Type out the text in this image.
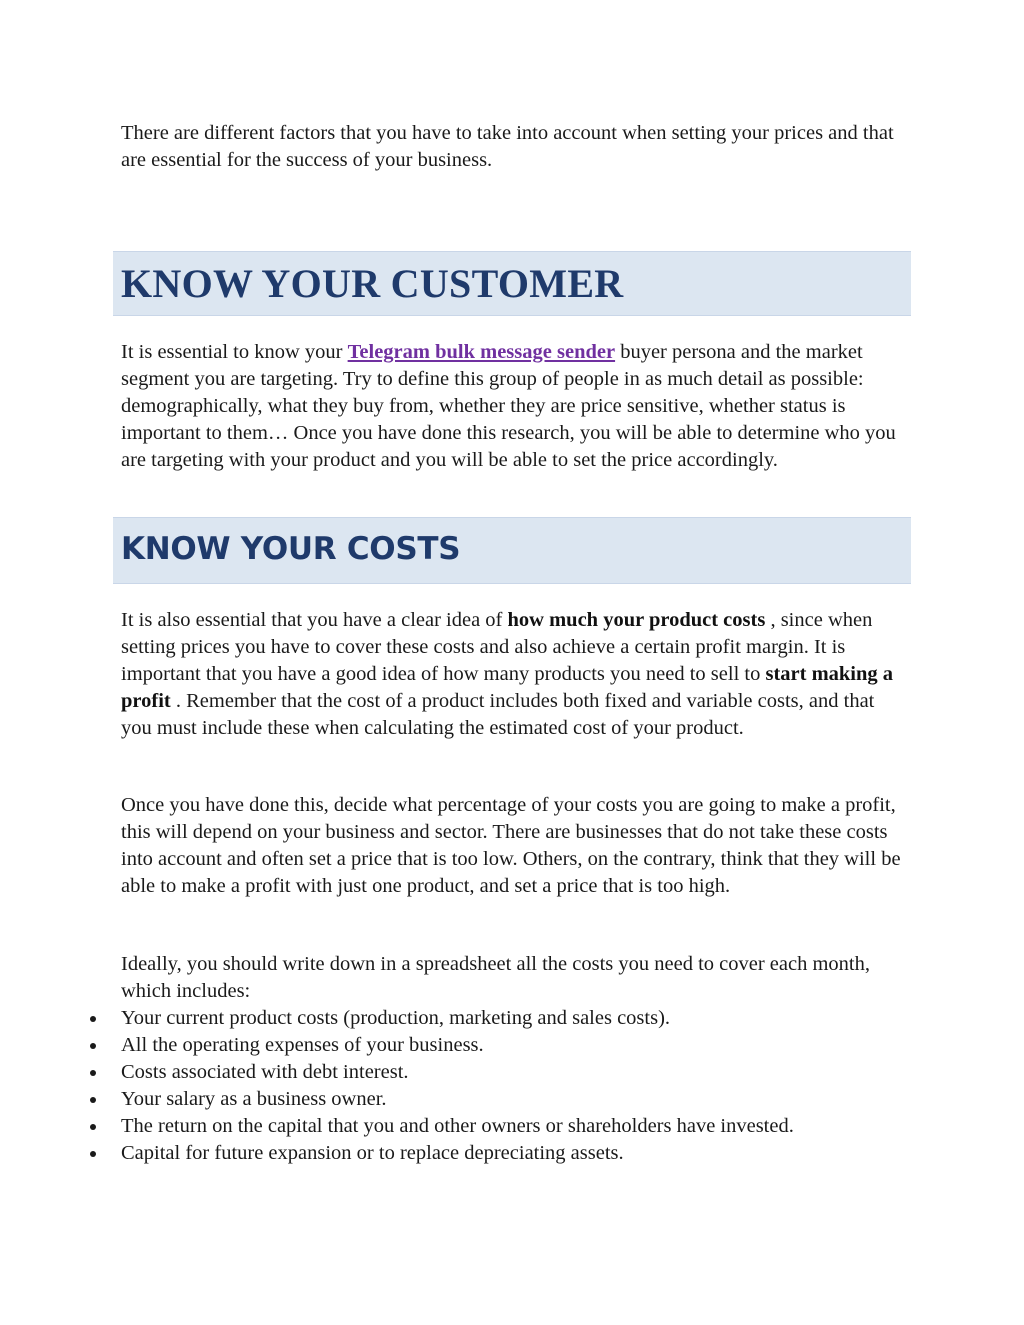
There are different factors that you have to take into account when setting your prices and that are essential for the success of your business.

KNOW YOUR CUSTOMER

It is essential to know your Telegram bulk message sender buyer persona and the market segment you are targeting. Try to define this group of people in as much detail as possible: demographically, what they buy from, whether they are price sensitive, whether status is important to them… Once you have done this research, you will be able to determine who you are targeting with your product and you will be able to set the price accordingly.

KNOW YOUR COSTS

It is also essential that you have a clear idea of how much your product costs , since when setting prices you have to cover these costs and also achieve a certain profit margin. It is important that you have a good idea of how many products you need to sell to start making a profit . Remember that the cost of a product includes both fixed and variable costs, and that you must include these when calculating the estimated cost of your product.

Once you have done this, decide what percentage of your costs you are going to make a profit, this will depend on your business and sector. There are businesses that do not take these costs into account and often set a price that is too low. Others, on the contrary, think that they will be able to make a profit with just one product, and set a price that is too high.

Ideally, you should write down in a spreadsheet all the costs you need to cover each month, which includes:

Your current product costs (production, marketing and sales costs).
All the operating expenses of your business.
Costs associated with debt interest.
Your salary as a business owner.
The return on the capital that you and other owners or shareholders have invested.
Capital for future expansion or to replace depreciating assets.
